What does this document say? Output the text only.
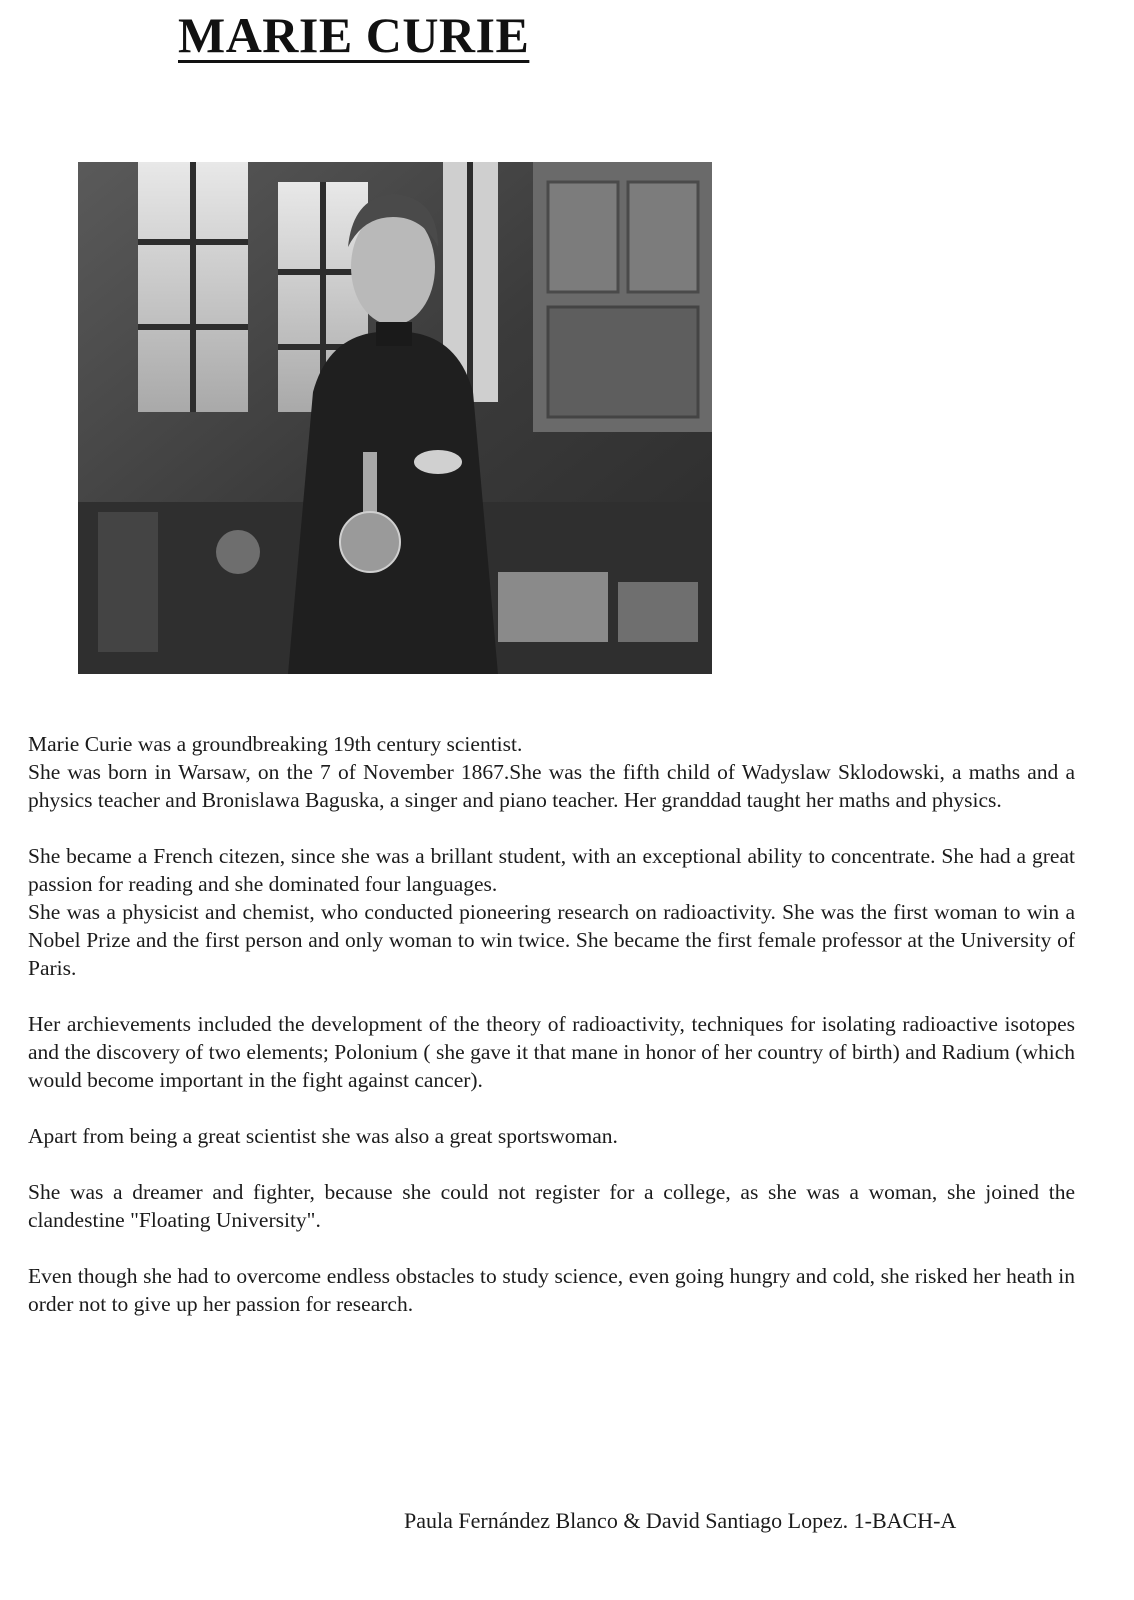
MARIE CURIE

Marie Curie was a groundbreaking 19th century scientist.

She was born in Warsaw, on the 7 of November 1867.She was the fifth child of Wadyslaw Sklodowski, a maths and a physics teacher and Bronislawa Baguska, a singer and piano teacher. Her granddad taught her maths and physics.

She became a French citezen, since she was a brillant student, with an exceptional ability to concentrate. She had a great passion for reading and she dominated four languages.

She was a physicist and chemist, who conducted pioneering research on radioactivity. She was the first woman to win a Nobel Prize and the first person and only woman to win twice. She became the first female professor at the University of Paris.

Her archievements included the development of the theory of radioactivity, techniques for isolating radioactive isotopes and the discovery of two elements; Polonium ( she gave it that mane in honor of her country of birth) and Radium (which would become important in the fight against cancer).

Apart from being a great scientist she was also a great sportswoman.

She was a dreamer and fighter, because she could not register for a college, as she was a woman, she joined the clandestine "Floating University".

Even though she had to overcome endless obstacles to study science, even going hungry and cold, she risked her heath in order not to give up her passion for research.

Paula Fernández Blanco & David Santiago Lopez. 1-BACH-A
